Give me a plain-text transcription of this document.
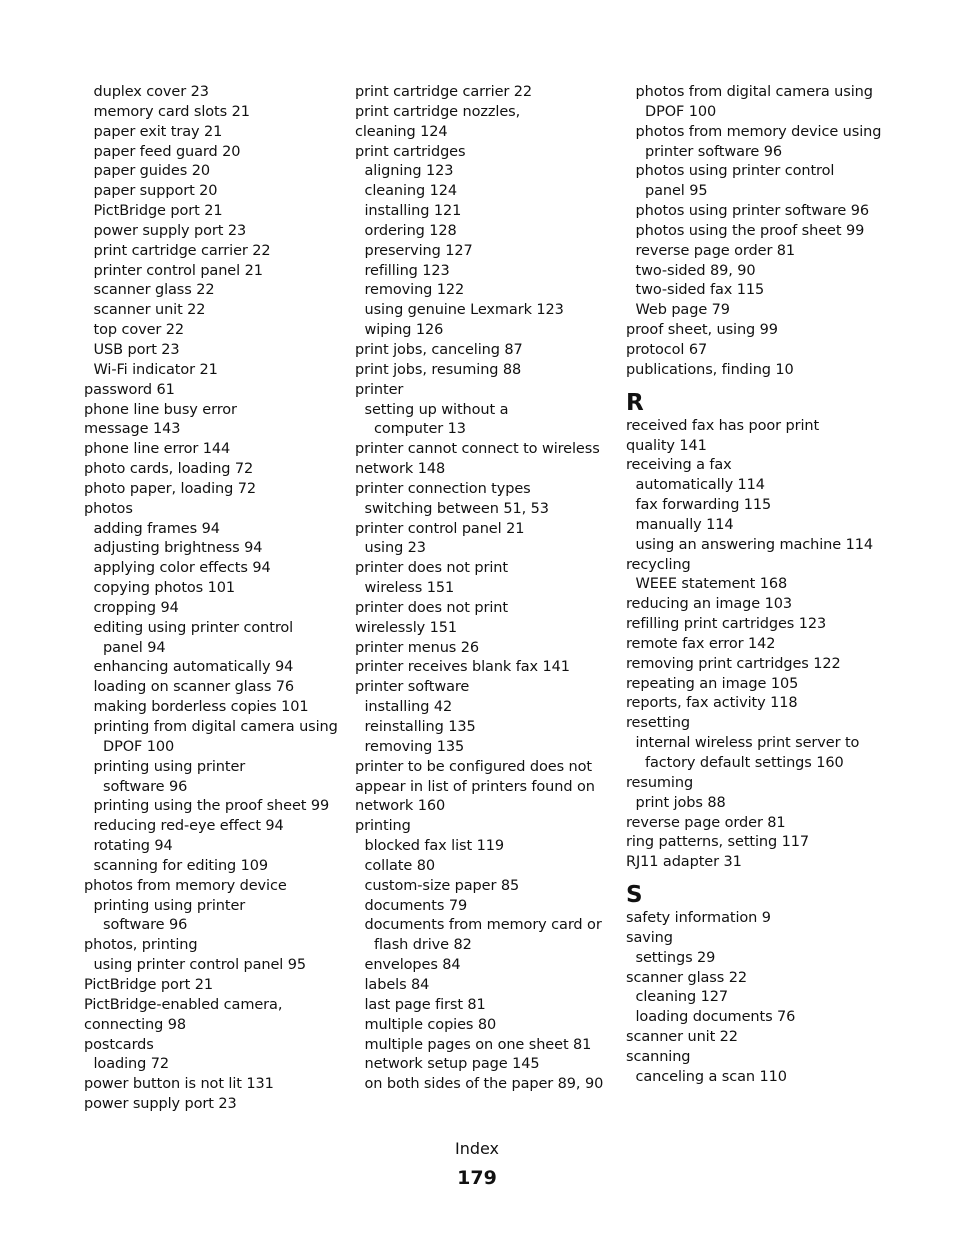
duplex cover 23
memory card slots 21
paper exit tray 21
paper feed guard 20
paper guides 20
paper support 20
PictBridge port 21
power supply port 23
print cartridge carrier 22
printer control panel 21
scanner glass 22
scanner unit 22
top cover 22
USB port 23
Wi-Fi indicator 21
password 61
phone line busy error
message 143
phone line error 144
photo cards, loading 72
photo paper, loading 72
photos
adding frames 94
adjusting brightness 94
applying color effects 94
copying photos 101
cropping 94
editing using printer control
panel 94
enhancing automatically 94
loading on scanner glass 76
making borderless copies 101
printing from digital camera using
DPOF 100
printing using printer
software 96
printing using the proof sheet 99
reducing red-eye effect 94
rotating 94
scanning for editing 109
photos from memory device
printing using printer
software 96
photos, printing
using printer control panel 95
PictBridge port 21
PictBridge-enabled camera,
connecting 98
postcards
loading 72
power button is not lit 131
power supply port 23
print cartridge carrier 22
print cartridge nozzles,
cleaning 124
print cartridges
aligning 123
cleaning 124
installing 121
ordering 128
preserving 127
refilling 123
removing 122
using genuine Lexmark 123
wiping 126
print jobs, canceling 87
print jobs, resuming 88
printer
setting up without a
computer 13
printer cannot connect to wireless
network 148
printer connection types
switching between 51, 53
printer control panel 21
using 23
printer does not print
wireless 151
printer does not print
wirelessly 151
printer menus 26
printer receives blank fax 141
printer software
installing 42
reinstalling 135
removing 135
printer to be configured does not
appear in list of printers found on
network 160
printing
blocked fax list 119
collate 80
custom-size paper 85
documents 79
documents from memory card or
flash drive 82
envelopes 84
labels 84
last page first 81
multiple copies 80
multiple pages on one sheet 81
network setup page 145
on both sides of the paper 89, 90
photos from digital camera using
DPOF 100
photos from memory device using
printer software 96
photos using printer control
panel 95
photos using printer software 96
photos using the proof sheet 99
reverse page order 81
two-sided 89, 90
two-sided fax 115
Web page 79
proof sheet, using 99
protocol 67
publications, finding 10
R
received fax has poor print
quality 141
receiving a fax
automatically 114
fax forwarding 115
manually 114
using an answering machine 114
recycling
WEEE statement 168
reducing an image 103
refilling print cartridges 123
remote fax error 142
removing print cartridges 122
repeating an image 105
reports, fax activity 118
resetting
internal wireless print server to
factory default settings 160
resuming
print jobs 88
reverse page order 81
ring patterns, setting 117
RJ11 adapter 31
S
safety information 9
saving
settings 29
scanner glass 22
cleaning 127
loading documents 76
scanner unit 22
scanning
canceling a scan 110
Index
179
